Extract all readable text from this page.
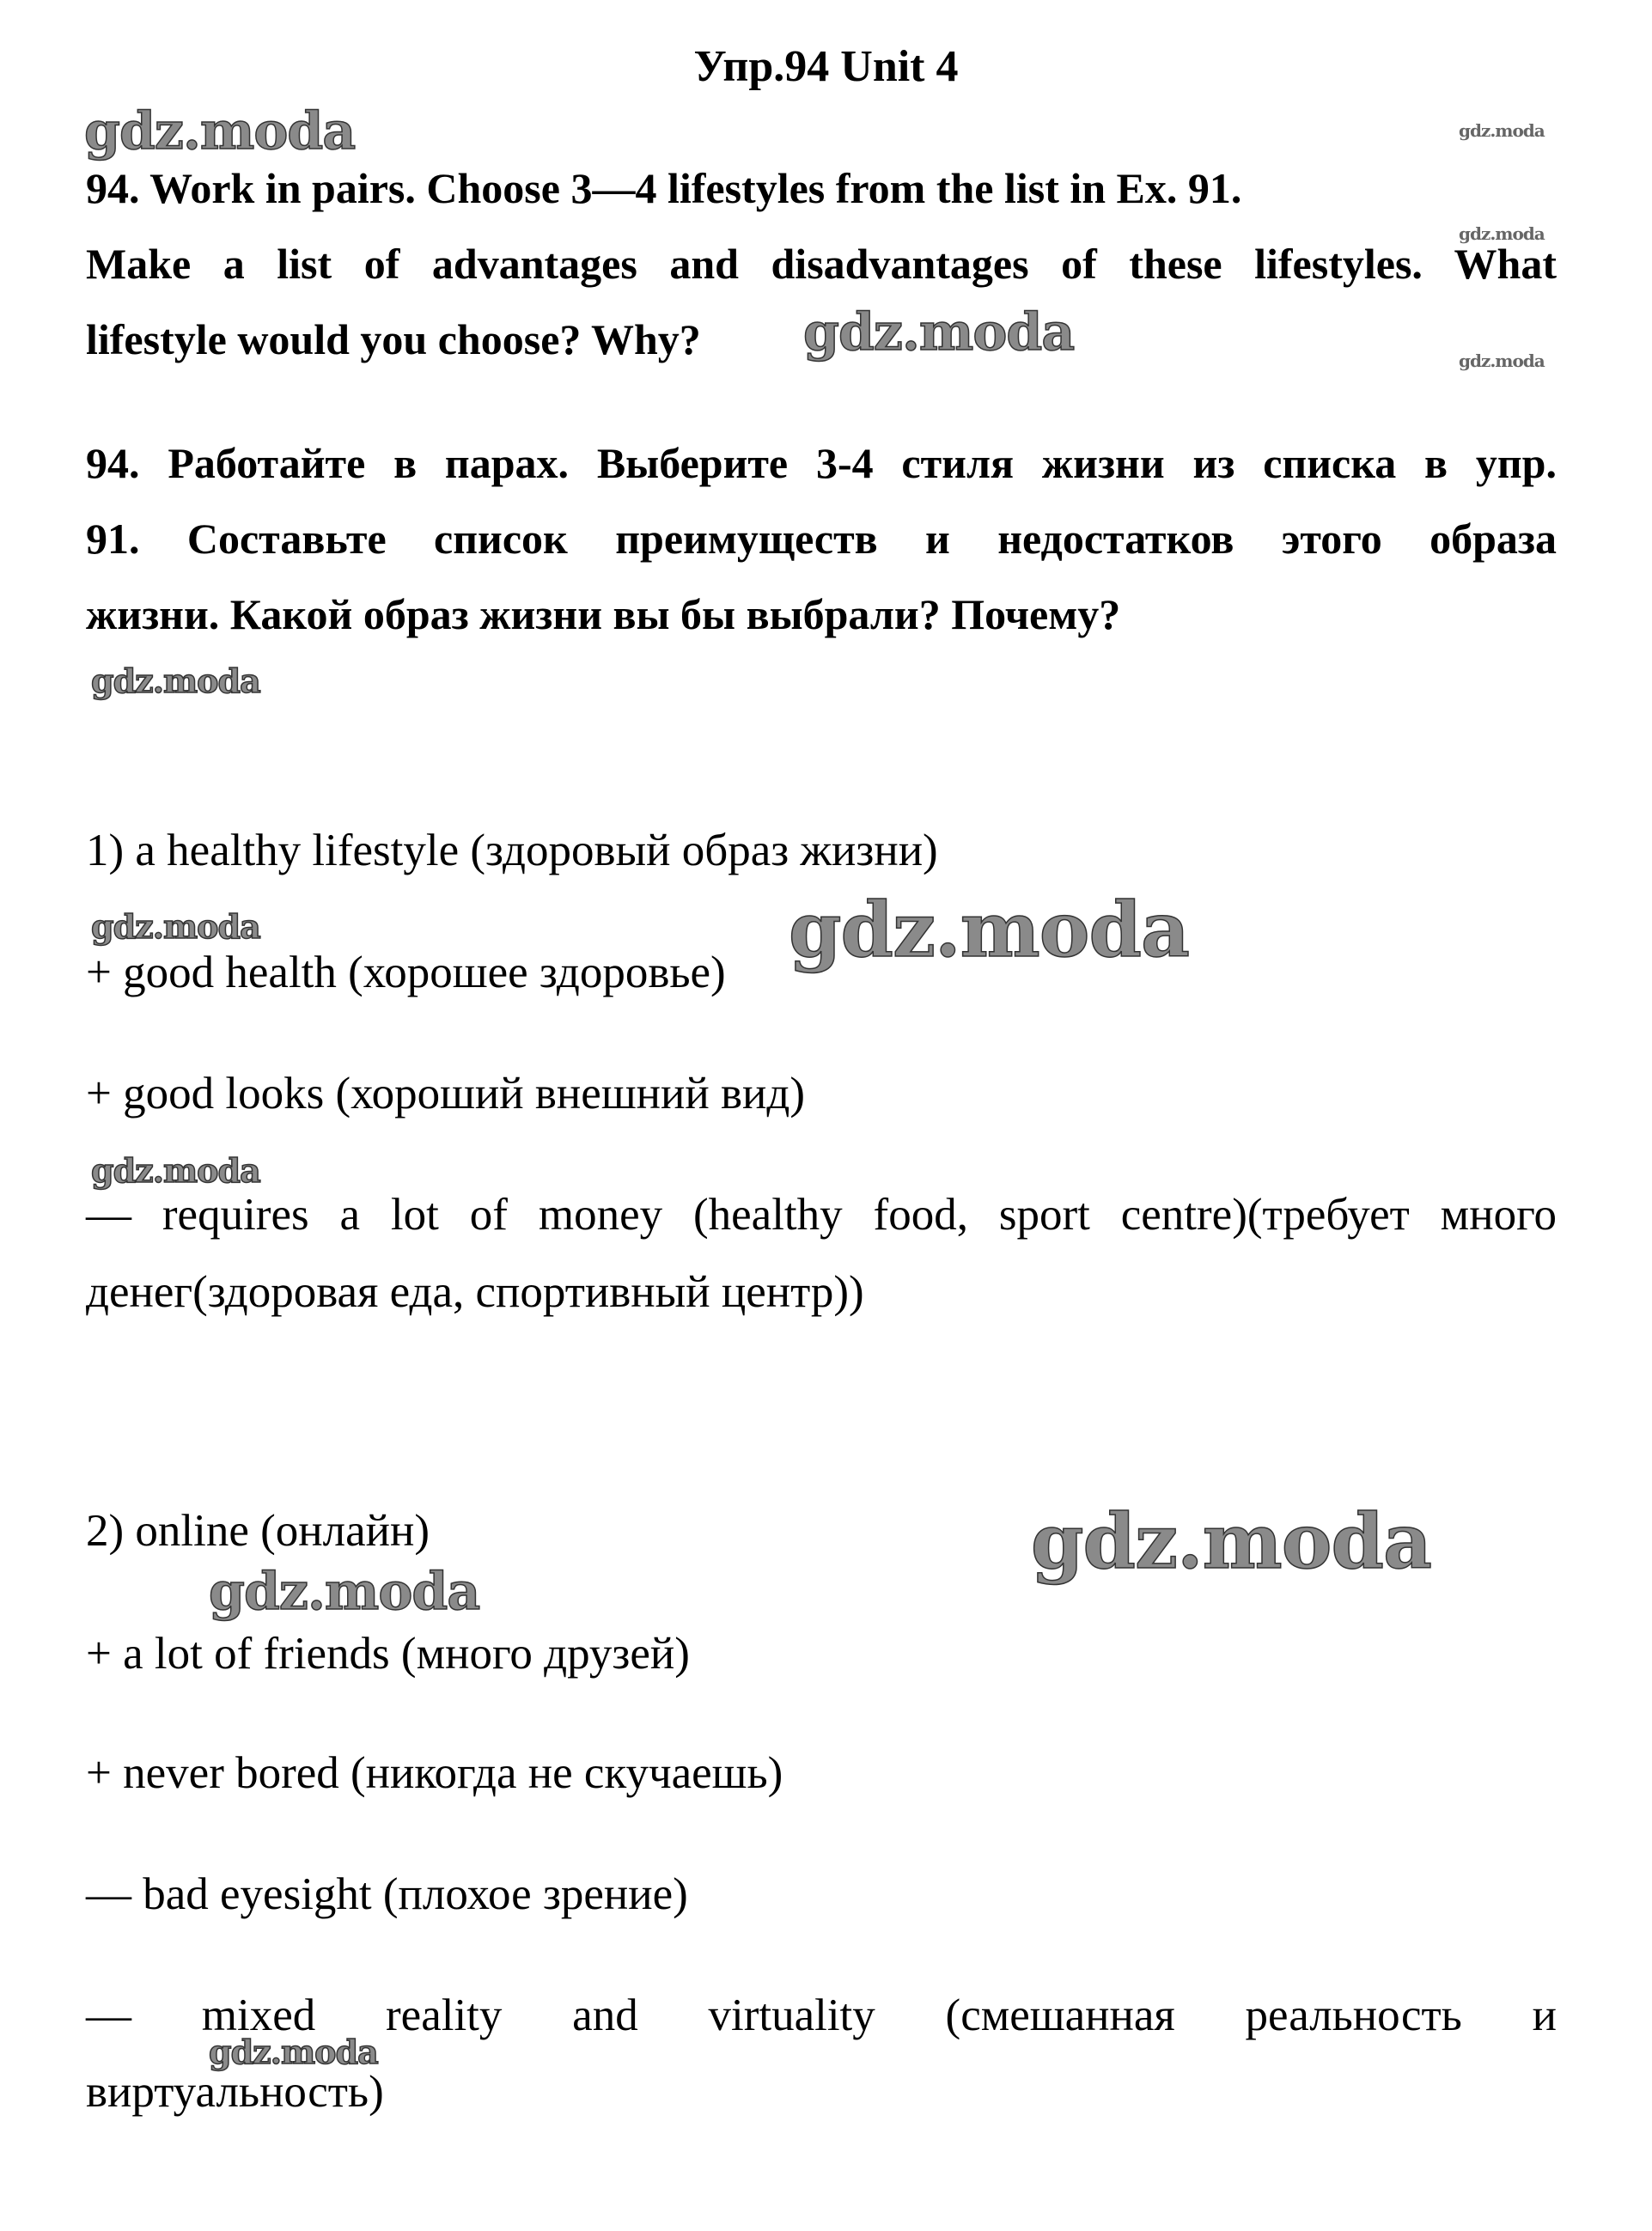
Упр.94 Unit 4
gdz.moda	gdz.moda
gdz.moda
gdz.moda
94. Work in pairs. Choose 3—4 lifestyles from the list in Ex. 91.
Make a list of advantages and disadvantages of these lifestyles. What
lifestyle would you choose? Why?	gdz.moda
94. Работайте в парах. Выберите 3-4 стиля жизни из списка в упр.
91. Составьте список преимуществ и недостатков этого образа
жизни. Какой образ жизни вы бы выбрали? Почему?
gdz.moda
1) a healthy lifestyle (здоровый образ жизни)
gdz.moda	gdz.moda
+ good health (хорошее здоровье)
+ good looks (хороший внешний вид)
gdz.moda
— requires a lot of money (healthy food, sport centre)(требует много
денег(здоровая еда, спортивный центр))
2) online (онлайн)	gdz.moda
gdz.moda
+ a lot of friends (много друзей)
+ never bored (никогда не скучаешь)
— bad eyesight (плохое зрение)
— mixed reality and virtuality (смешанная реальность и
gdz.moda
виртуальность)
